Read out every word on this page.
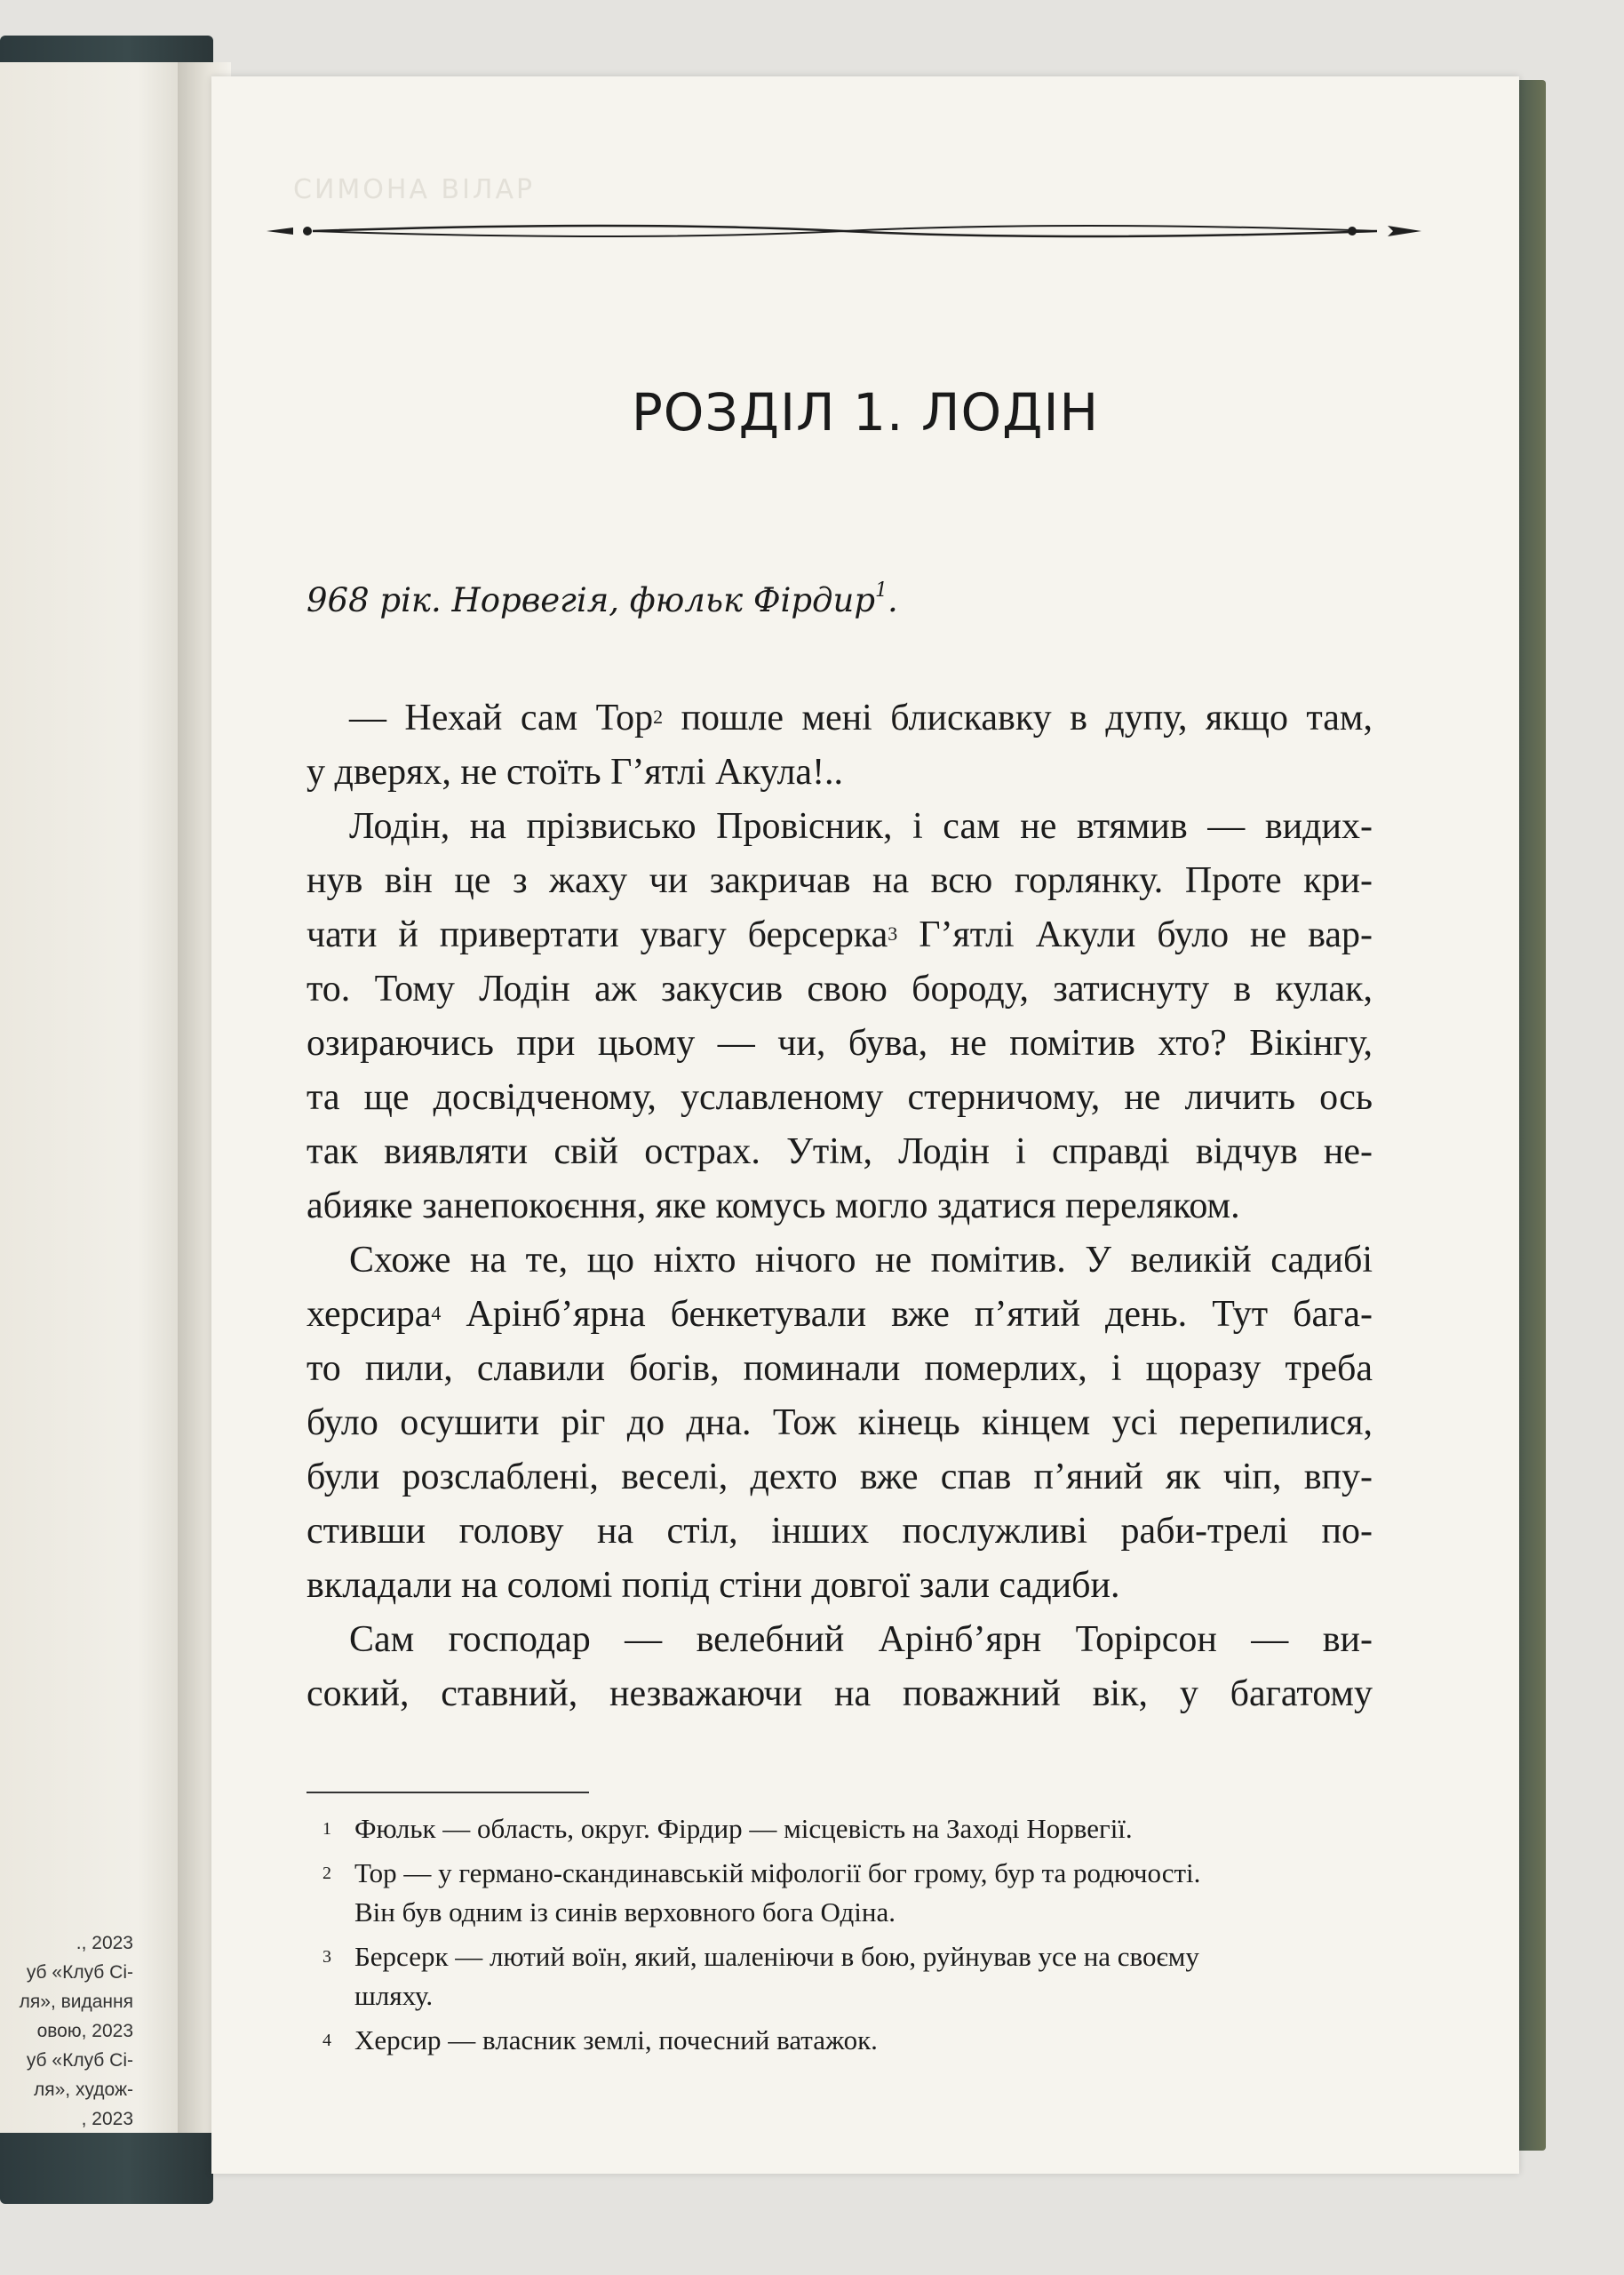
., 2023
уб «Клуб Сі-
ля», видання
овою, 2023
уб «Клуб Сі-
ля», худож-
, 2023
СИМОНА ВІЛАР
РОЗДІЛ 1. ЛОДІН
968 рік. Норвегія, фюльк Фірдир$^1$.
— Нехай сам Тор$^2$ пошле мені блискавку в дупу, якщо там,
у дверях, не стоїть Г’ятлі Акула!..
Лодін, на прізвисько Провісник, і сам не втямив — видих-
нув він це з жаху чи закричав на всю горлянку. Проте кри-
чати й привертати увагу берсерка$^3$ Г’ятлі Акули було не вар-
то. Тому Лодін аж закусив свою бороду, затиснуту в кулак,
озираючись при цьому — чи, бува, не помітив хто? Вікінгу,
та ще досвідченому, уславленому стерничому, не личить ось
так виявляти свій острах. Утім, Лодін і справді відчув не-
абияке занепокоєння, яке комусь могло здатися переляком.
Схоже на те, що ніхто нічого не помітив. У великій садибі
херсира$^4$ Арінб’ярна бенкетували вже п’ятий день. Тут бага-
то пили, славили богів, поминали померлих, і щоразу треба
було осушити ріг до дна. Тож кінець кінцем усі перепилися,
були розслаблені, веселі, дехто вже спав п’яний як чіп, впу-
стивши голову на стіл, інших послужливі раби-трелі по-
вкладали на соломі попід стіни довгої зали садиби.
Сам господар — велебний Арінб’ярн Торірсон — ви-
сокий, ставний, незважаючи на поважний вік, у багатому
1 Фюльк — область, округ. Фірдир — місцевість на Заході Норвегії.
2 Тор — у германо-скандинавській міфології бог грому, бур та родючості.
Він був одним із синів верховного бога Одіна.
3 Берсерк — лютий воїн, який, шаленіючи в бою, руйнував усе на своєму
шляху.
4 Херсир — власник землі, почесний ватажок.
